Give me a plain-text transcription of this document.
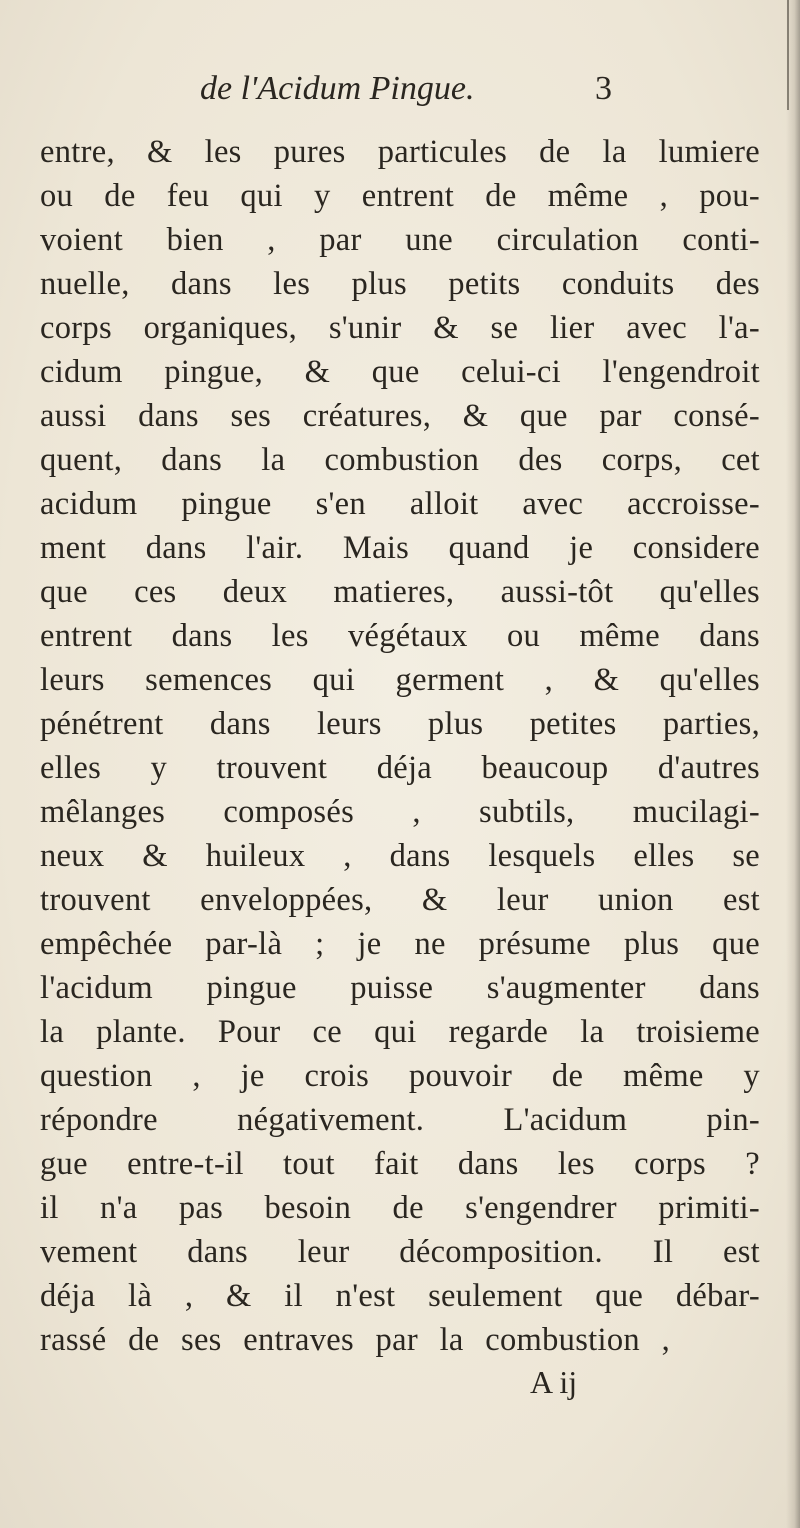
de l'Acidum Pingue.	3
entre, & les pures particules de la lumiere
ou de feu qui y entrent de même , pou-
voient bien , par une circulation conti-
nuelle, dans les plus petits conduits des
corps organiques, s'unir & se lier avec l'a-
cidum pingue, & que celui-ci l'engendroit
aussi dans ses créatures, & que par consé-
quent, dans la combustion des corps, cet
acidum pingue s'en alloit avec accroisse-
ment dans l'air. Mais quand je considere
que ces deux matieres, aussi-tôt qu'elles
entrent dans les végétaux ou même dans
leurs semences qui germent , & qu'elles
pénétrent dans leurs plus petites parties,
elles y trouvent déja beaucoup d'autres
mêlanges composés , subtils, mucilagi-
neux & huileux , dans lesquels elles se
trouvent enveloppées, & leur union est
empêchée par-là ; je ne présume plus que
l'acidum pingue puisse s'augmenter dans
la plante. Pour ce qui regarde la troisieme
question , je crois pouvoir de même y
répondre négativement. L'acidum pin-
gue entre-t-il tout fait dans les corps ?
il n'a pas besoin de s'engendrer primiti-
vement dans leur décomposition. Il est
déja là , & il n'est seulement que débar-
rassé de ses entraves par la combustion ,
A ij
